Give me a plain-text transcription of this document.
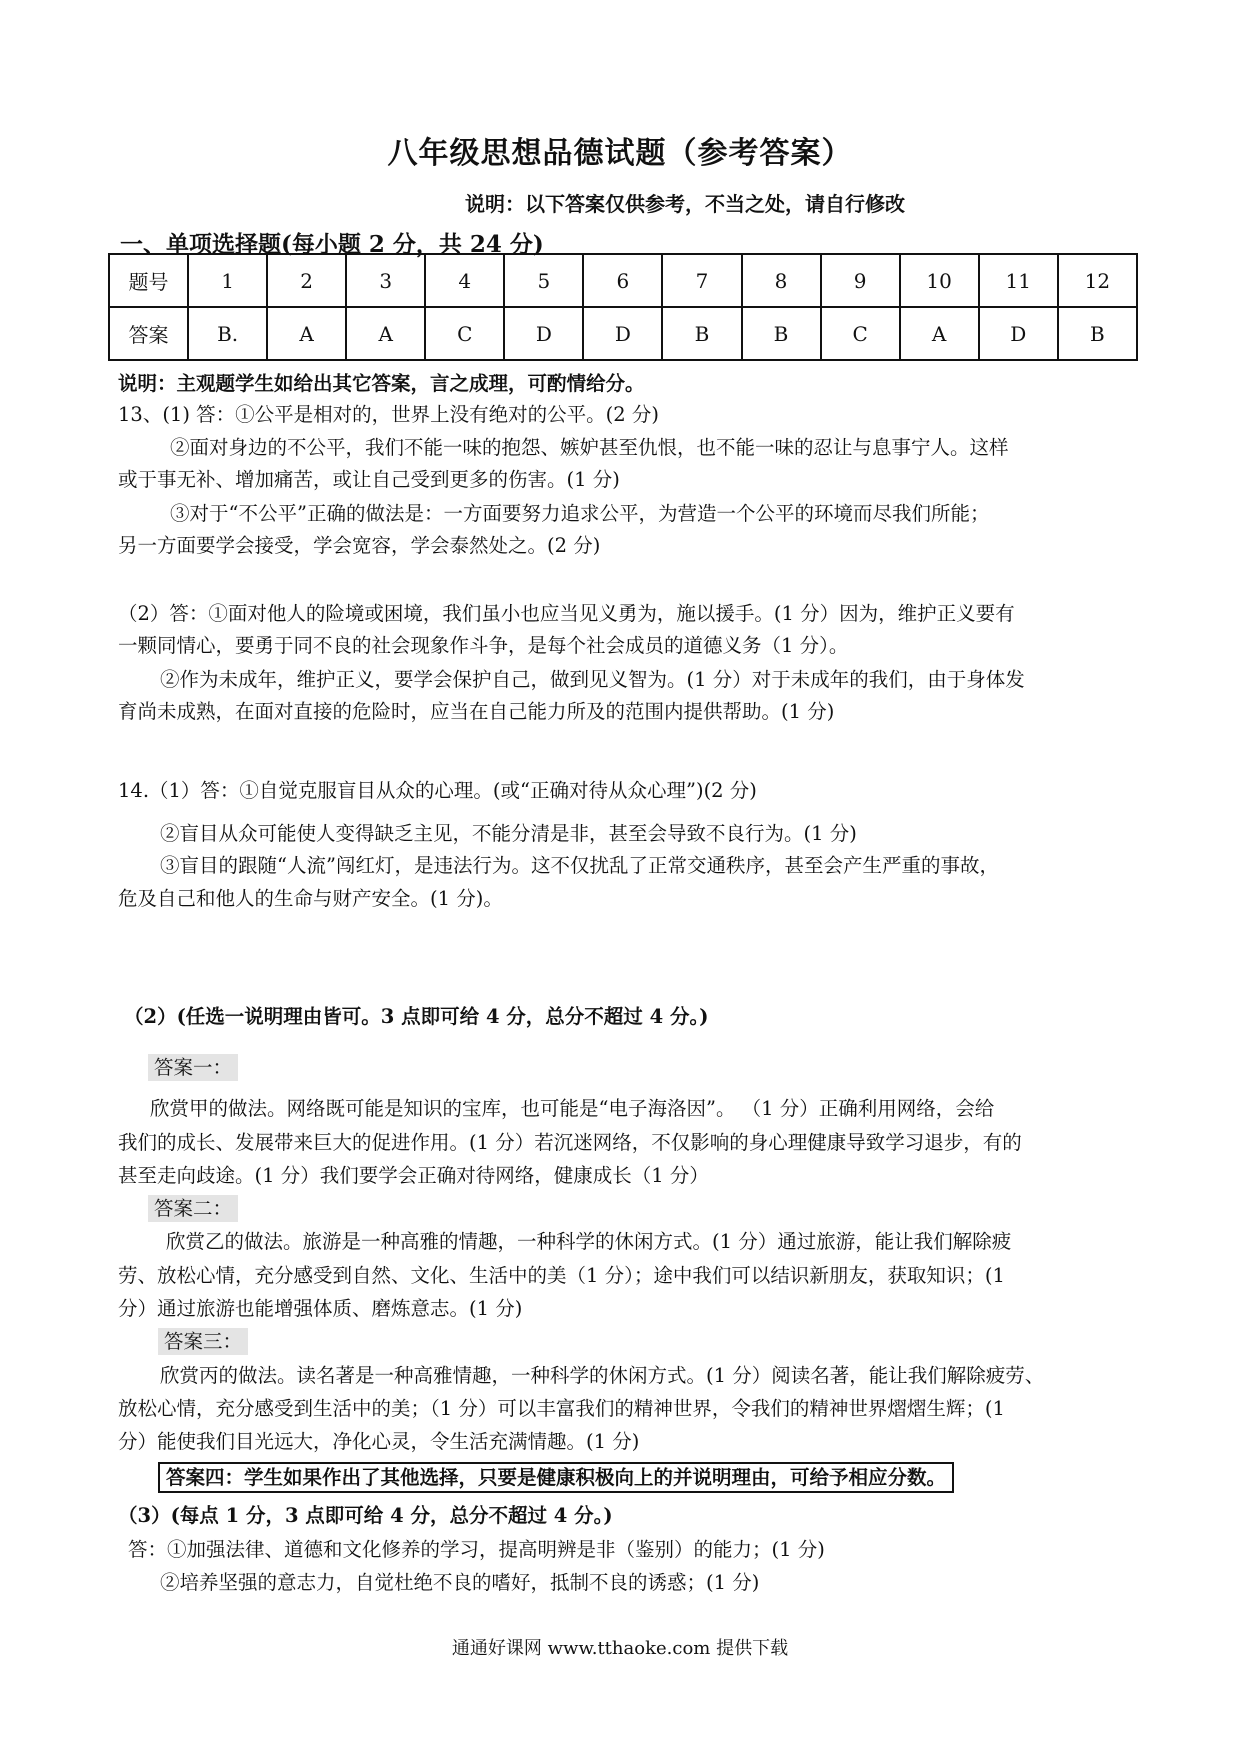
八年级思想品德试题（参考答案）
说明：以下答案仅供参考，不当之处，请自行修改
一、单项选择题(每小题 2 分，共 24 分)
题号	1	2	3	4	5	6	7	8	9	10	11	12
答案	B.	A	A	C	D	D	B	B	C	A	D	B
说明：主观题学生如给出其它答案，言之成理，可酌情给分。
13、(1) 答：①公平是相对的，世界上没有绝对的公平。(2 分)
②面对身边的不公平，我们不能一味的抱怨、嫉妒甚至仇恨，也不能一味的忍让与息事宁人。这样
或于事无补、增加痛苦，或让自己受到更多的伤害。(1 分)
③对于“不公平”正确的做法是：一方面要努力追求公平，为营造一个公平的环境而尽我们所能；
另一方面要学会接受，学会宽容，学会泰然处之。(2 分)
（2）答：①面对他人的险境或困境，我们虽小也应当见义勇为，施以援手。(1 分）因为，维护正义要有
一颗同情心，要勇于同不良的社会现象作斗争，是每个社会成员的道德义务（1 分）。
②作为未成年，维护正义，要学会保护自己，做到见义智为。(1 分）对于未成年的我们，由于身体发
育尚未成熟，在面对直接的危险时，应当在自己能力所及的范围内提供帮助。(1 分)
14.（1）答：①自觉克服盲目从众的心理。(或“正确对待从众心理”)(2 分)
②盲目从众可能使人变得缺乏主见，不能分清是非，甚至会导致不良行为。(1 分)
③盲目的跟随“人流”闯红灯，是违法行为。这不仅扰乱了正常交通秩序，甚至会产生严重的事故，
危及自己和他人的生命与财产安全。(1 分)。
（2）(任选一说明理由皆可。3 点即可给 4 分，总分不超过 4 分。)
答案一：
欣赏甲的做法。网络既可能是知识的宝库，也可能是“电子海洛因”。 （1 分）正确利用网络，会给
我们的成长、发展带来巨大的促进作用。(1 分）若沉迷网络，不仅影响的身心理健康导致学习退步，有的
甚至走向歧途。(1 分）我们要学会正确对待网络，健康成长（1 分）
答案二：
欣赏乙的做法。旅游是一种高雅的情趣，一种科学的休闲方式。(1 分）通过旅游，能让我们解除疲
劳、放松心情，充分感受到自然、文化、生活中的美（1 分）；途中我们可以结识新朋友，获取知识；(1
分）通过旅游也能增强体质、磨炼意志。(1 分)
答案三：
欣赏丙的做法。读名著是一种高雅情趣，一种科学的休闲方式。(1 分）阅读名著，能让我们解除疲劳、
放松心情，充分感受到生活中的美；（1 分）可以丰富我们的精神世界，令我们的精神世界熠熠生辉；(1
分）能使我们目光远大，净化心灵，令生活充满情趣。(1 分)
答案四：学生如果作出了其他选择，只要是健康积极向上的并说明理由，可给予相应分数。
（3）(每点 1 分，3 点即可给 4 分，总分不超过 4 分。)
答：①加强法律、道德和文化修养的学习，提高明辨是非（鉴别）的能力；(1 分)
②培养坚强的意志力，自觉杜绝不良的嗜好，抵制不良的诱惑；(1 分)
通通好课网 www.tthaoke.com 提供下载
